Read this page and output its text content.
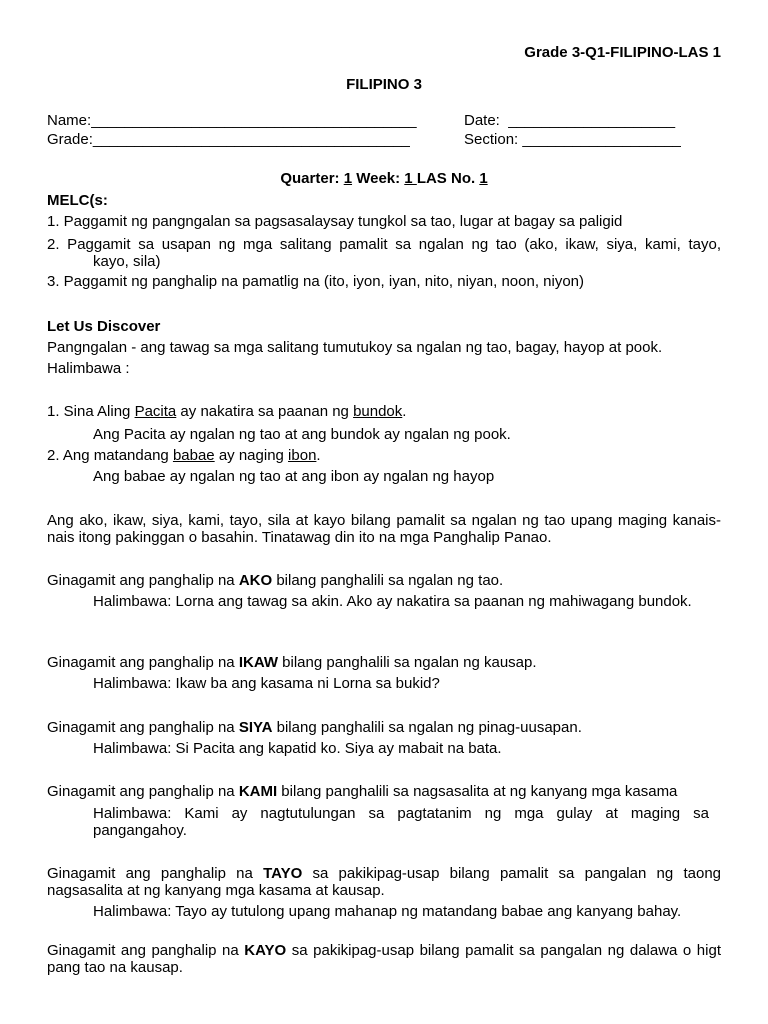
Grade 3-Q1-FILIPINO-LAS 1
FILIPINO 3
Name:_______________________________________	Date: ____________________
Grade:______________________________________	Section: ___________________
Quarter: 1 Week: 1 LAS No. 1
MELC(s:
1. Paggamit ng pangngalan sa pagsasalaysay tungkol sa tao, lugar at bagay sa paligid
2. Paggamit sa usapan ng mga salitang pamalit sa ngalan ng tao (ako, ikaw, siya, kami, tayo,
kayo, sila)
3. Paggamit ng panghalip na pamatlig na (ito, iyon, iyan, nito, niyan, noon, niyon)
Let Us Discover
Pangngalan - ang tawag sa mga salitang tumutukoy sa ngalan ng tao, bagay, hayop at pook.
Halimbawa :
1. Sina Aling Pacita ay nakatira sa paanan ng bundok.
Ang Pacita ay ngalan ng tao at ang bundok ay ngalan ng pook.
2. Ang matandang babae ay naging ibon.
Ang babae ay ngalan ng tao at ang ibon ay ngalan ng hayop

Ang ako, ikaw, siya, kami, tayo, sila at kayo bilang pamalit sa ngalan ng tao upang maging kanais-nais itong pakinggan o basahin. Tinatawag din ito na mga Panghalip Panao.

Ginagamit ang panghalip na AKO bilang panghalili sa ngalan ng tao.

Halimbawa: Lorna ang tawag sa akin. Ako ay nakatira sa paanan ng mahiwagang bundok.

Ginagamit ang panghalip na IKAW bilang panghalili sa ngalan ng kausap.
Halimbawa: Ikaw ba ang kasama ni Lorna sa bukid?
Ginagamit ang panghalip na SIYA bilang panghalili sa ngalan ng pinag-uusapan.
Halimbawa: Si Pacita ang kapatid ko. Siya ay mabait na bata.
Ginagamit ang panghalip na KAMI bilang panghalili sa nagsasalita at ng kanyang mga kasama

Halimbawa: Kami ay nagtutulungan sa pagtatanim ng mga gulay at maging sa pangangahoy.

Ginagamit ang panghalip na TAYO sa pakikipag-usap bilang pamalit sa pangalan ng taong nagsasalita at ng kanyang mga kasama at kausap.

Halimbawa: Tayo ay tutulong upang mahanap ng matandang babae ang kanyang bahay.

Ginagamit ang panghalip na KAYO sa pakikipag-usap bilang pamalit sa pangalan ng dalawa o higt pang tao na kausap.
